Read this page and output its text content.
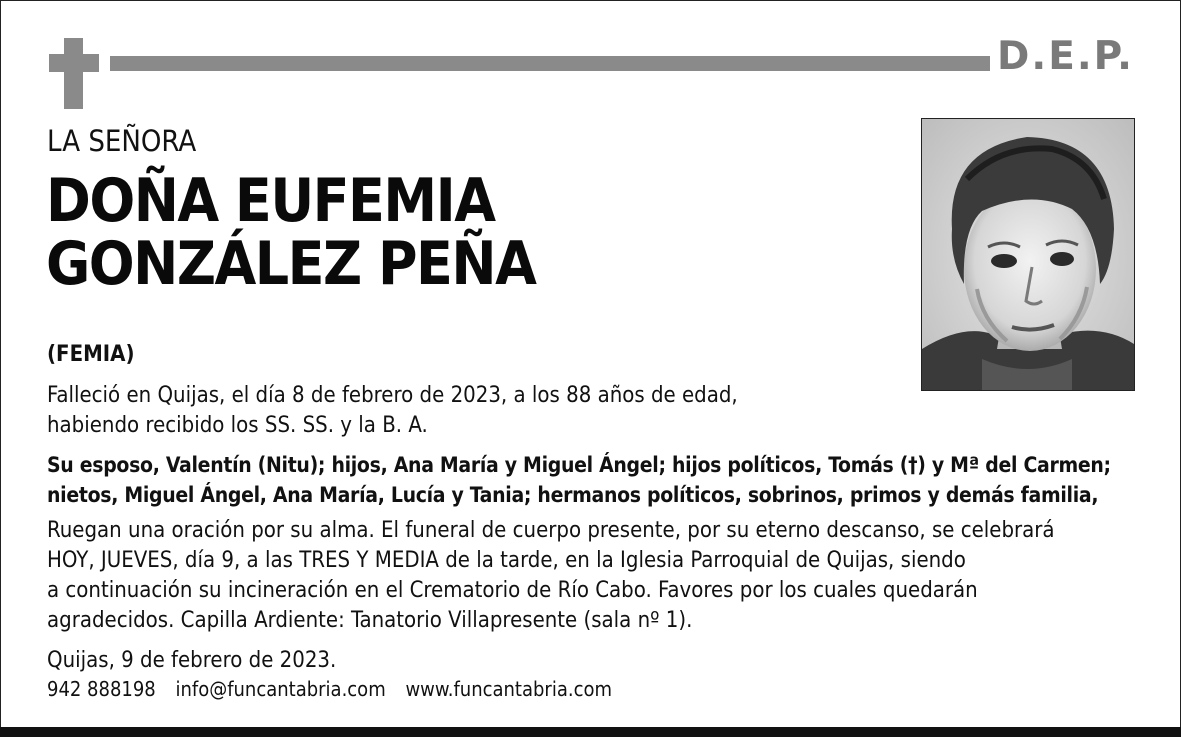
D.E.P.
LA SEÑORA
DOÑA EUFEMIA
GONZÁLEZ PEÑA
(FEMIA)
Falleció en Quijas, el día 8 de febrero de 2023, a los 88 años de edad,
habiendo recibido los SS. SS. y la B. A.
Su esposo, Valentín (Nitu); hijos, Ana María y Miguel Ángel; hijos políticos, Tomás (†) y Mª del Carmen;
nietos, Miguel Ángel, Ana María, Lucía y Tania; hermanos políticos, sobrinos, primos y demás familia,
Ruegan una oración por su alma. El funeral de cuerpo presente, por su eterno descanso, se celebrará
HOY, JUEVES, día 9, a las TRES Y MEDIA de la tarde, en la Iglesia Parroquial de Quijas, siendo
a continuación su incineración en el Crematorio de Río Cabo. Favores por los cuales quedarán
agradecidos. Capilla Ardiente: Tanatorio Villapresente (sala nº 1).
Quijas, 9 de febrero de 2023.
942 888198 info@funcantabria.com www.funcantabria.com
